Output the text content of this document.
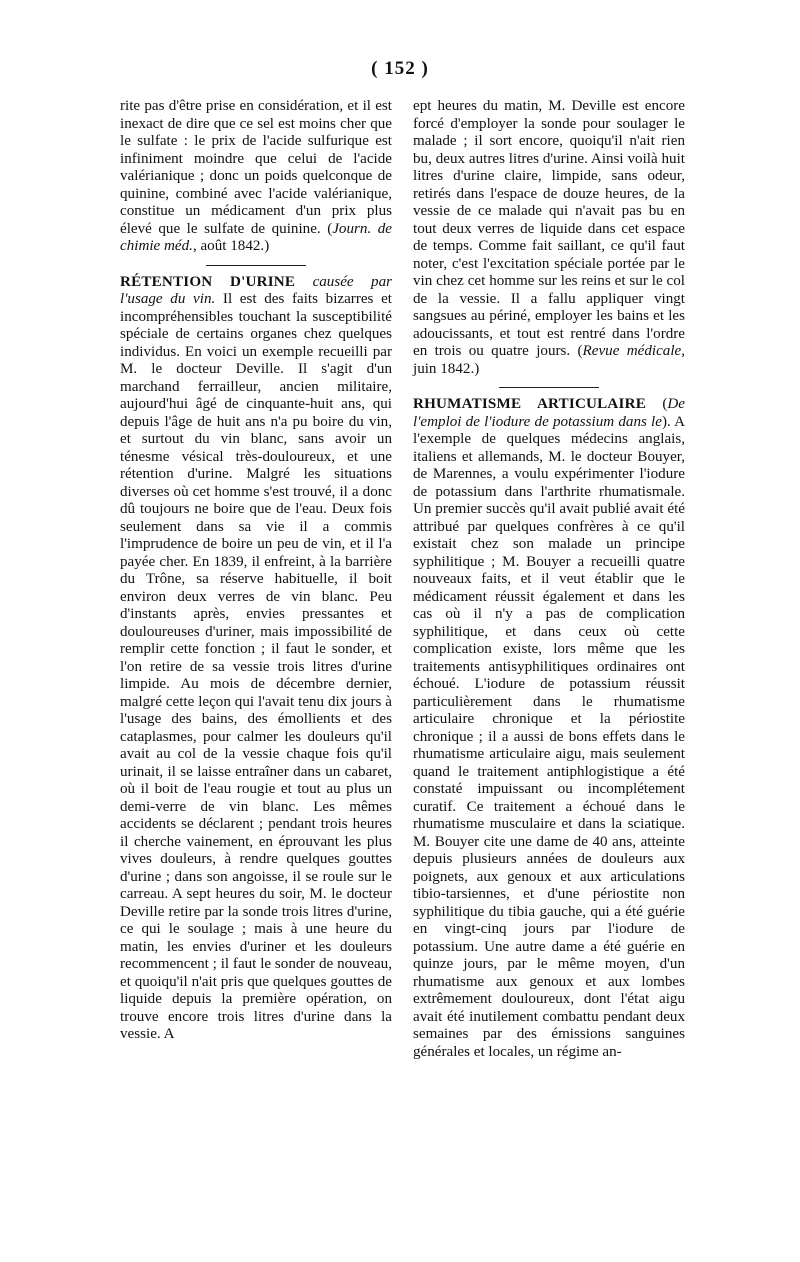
( 152 )

rite pas d'être prise en considération, et il est inexact de dire que ce sel est moins cher que le sulfate : le prix de l'acide sulfurique est infiniment moindre que celui de l'acide valérianique ; donc un poids quelconque de quinine, combiné avec l'acide valérianique, constitue un médicament d'un prix plus élevé que le sulfate de quinine. (Journ. de chimie méd., août 1842.)

RÉTENTION D'URINE causée par l'usage du vin. Il est des faits bizarres et incompréhensibles touchant la susceptibilité spéciale de certains organes chez quelques individus. En voici un exemple recueilli par M. le docteur Deville. Il s'agit d'un marchand ferrailleur, ancien militaire, aujourd'hui âgé de cinquante-huit ans, qui depuis l'âge de huit ans n'a pu boire du vin, et surtout du vin blanc, sans avoir un ténesme vésical très-douloureux, et une rétention d'urine. Malgré les situations diverses où cet homme s'est trouvé, il a donc dû toujours ne boire que de l'eau. Deux fois seulement dans sa vie il a commis l'imprudence de boire un peu de vin, et il l'a payée cher. En 1839, il enfreint, à la barrière du Trône, sa réserve habituelle, il boit environ deux verres de vin blanc. Peu d'instants après, envies pressantes et douloureuses d'uriner, mais impossibilité de remplir cette fonction ; il faut le sonder, et l'on retire de sa vessie trois litres d'urine limpide. Au mois de décembre dernier, malgré cette leçon qui l'avait tenu dix jours à l'usage des bains, des émollients et des cataplasmes, pour calmer les douleurs qu'il avait au col de la vessie chaque fois qu'il urinait, il se laisse entraîner dans un cabaret, où il boit de l'eau rougie et tout au plus un demi-verre de vin blanc. Les mêmes accidents se déclarent ; pendant trois heures il cherche vainement, en éprouvant les plus vives douleurs, à rendre quelques gouttes d'urine ; dans son angoisse, il se roule sur le carreau. A sept heures du soir, M. le docteur Deville retire par la sonde trois litres d'urine, ce qui le soulage ; mais à une heure du matin, les envies d'uriner et les douleurs recommencent ; il faut le sonder de nouveau, et quoiqu'il n'ait pris que quelques gouttes de liquide depuis la première opération, on trouve encore trois litres d'urine dans la vessie. A

ept heures du matin, M. Deville est encore forcé d'employer la sonde pour soulager le malade ; il sort encore, quoiqu'il n'ait rien bu, deux autres litres d'urine. Ainsi voilà huit litres d'urine claire, limpide, sans odeur, retirés dans l'espace de douze heures, de la vessie de ce malade qui n'avait pas bu en tout deux verres de liquide dans cet espace de temps. Comme fait saillant, ce qu'il faut noter, c'est l'excitation spéciale portée par le vin chez cet homme sur les reins et sur le col de la vessie. Il a fallu appliquer vingt sangsues au périné, employer les bains et les adoucissants, et tout est rentré dans l'ordre en trois ou quatre jours. (Revue médicale, juin 1842.)

RHUMATISME ARTICULAIRE (De l'emploi de l'iodure de potassium dans le). A l'exemple de quelques médecins anglais, italiens et allemands, M. le docteur Bouyer, de Marennes, a voulu expérimenter l'iodure de potassium dans l'arthrite rhumatismale. Un premier succès qu'il avait publié avait été attribué par quelques confrères à ce qu'il existait chez son malade un principe syphilitique ; M. Bouyer a recueilli quatre nouveaux faits, et il veut établir que le médicament réussit également et dans les cas où il n'y a pas de complication syphilitique, et dans ceux où cette complication existe, lors même que les traitements antisyphilitiques ordinaires ont échoué. L'iodure de potassium réussit particulièrement dans le rhumatisme articulaire chronique et la périostite chronique ; il a aussi de bons effets dans le rhumatisme articulaire aigu, mais seulement quand le traitement antiphlogistique a été constaté impuissant ou incomplétement curatif. Ce traitement a échoué dans le rhumatisme musculaire et dans la sciatique. M. Bouyer cite une dame de 40 ans, atteinte depuis plusieurs années de douleurs aux poignets, aux genoux et aux articulations tibio-tarsiennes, et d'une périostite non syphilitique du tibia gauche, qui a été guérie en vingt-cinq jours par l'iodure de potassium. Une autre dame a été guérie en quinze jours, par le même moyen, d'un rhumatisme aux genoux et aux lombes extrêmement douloureux, dont l'état aigu avait été inutilement combattu pendant deux semaines par des émissions sanguines générales et locales, un régime an-
